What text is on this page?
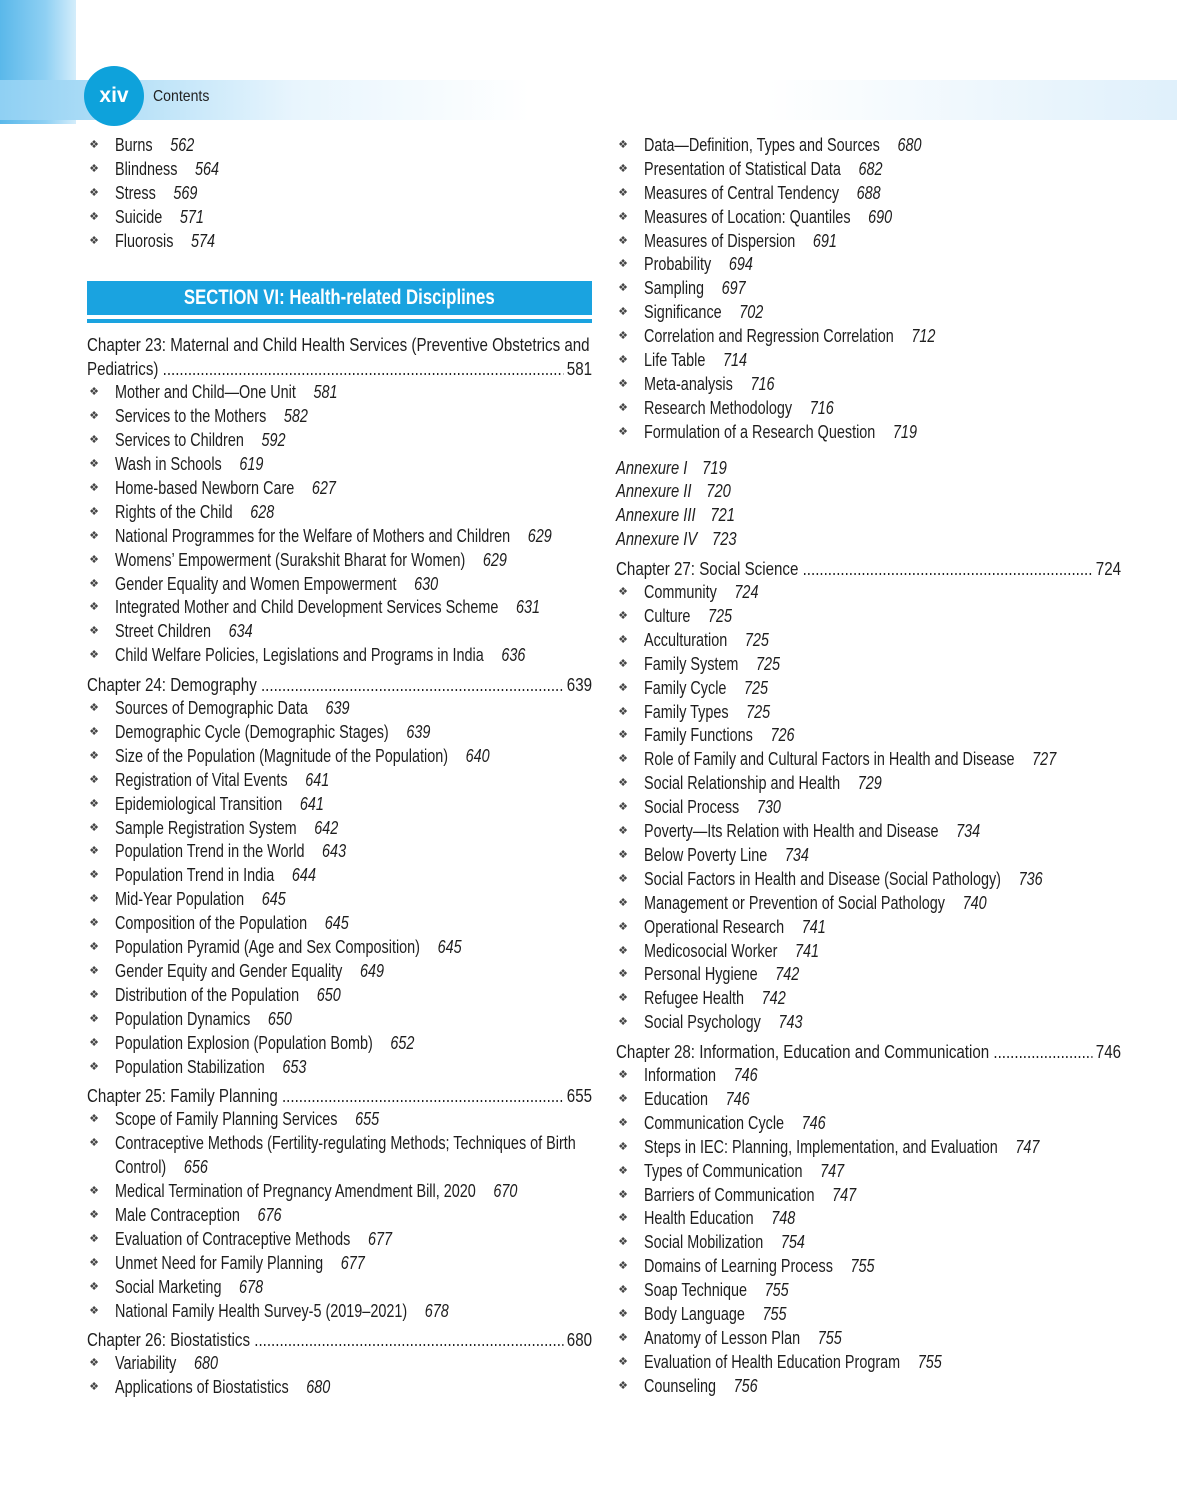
xiv	Contents
❖ Burns 562
❖ Blindness 564
❖ Stress 569
❖ Suicide 571
❖ Fluorosis 574
SECTION VI: Health-related Disciplines
Chapter 23: Maternal and Child Health Services (Preventive Obstetrics and
Pediatrics) .....	581
❖ Mother and Child—One Unit 581
❖ Services to the Mothers 582
❖ Services to Children 592
❖ Wash in Schools 619
❖ Home-based Newborn Care 627
❖ Rights of the Child 628
❖ National Programmes for the Welfare of Mothers and Children 629
❖ Womens’ Empowerment (Surakshit Bharat for Women) 629
❖ Gender Equality and Women Empowerment 630
❖ Integrated Mother and Child Development Services Scheme 631
❖ Street Children 634
❖ Child Welfare Policies, Legislations and Programs in India 636
Chapter 24: Demography .....	639
❖ Sources of Demographic Data 639
❖ Demographic Cycle (Demographic Stages) 639
❖ Size of the Population (Magnitude of the Population) 640
❖ Registration of Vital Events 641
❖ Epidemiological Transition 641
❖ Sample Registration System 642
❖ Population Trend in the World 643
❖ Population Trend in India 644
❖ Mid-Year Population 645
❖ Composition of the Population 645
❖ Population Pyramid (Age and Sex Composition) 645
❖ Gender Equity and Gender Equality 649
❖ Distribution of the Population 650
❖ Population Dynamics 650
❖ Population Explosion (Population Bomb) 652
❖ Population Stabilization 653
Chapter 25: Family Planning .....	655
❖ Scope of Family Planning Services 655
❖ Contraceptive Methods (Fertility-regulating Methods; Techniques of Birth
Control) 656
❖ Medical Termination of Pregnancy Amendment Bill, 2020 670
❖ Male Contraception 676
❖ Evaluation of Contraceptive Methods 677
❖ Unmet Need for Family Planning 677
❖ Social Marketing 678
❖ National Family Health Survey-5 (2019–2021) 678
Chapter 26: Biostatistics .....	680
❖ Variability 680
❖ Applications of Biostatistics 680
❖ Data—Definition, Types and Sources 680
❖ Presentation of Statistical Data 682
❖ Measures of Central Tendency 688
❖ Measures of Location: Quantiles 690
❖ Measures of Dispersion 691
❖ Probability 694
❖ Sampling 697
❖ Significance 702
❖ Correlation and Regression Correlation 712
❖ Life Table 714
❖ Meta-analysis 716
❖ Research Methodology 716
❖ Formulation of a Research Question 719
Annexure I 719
Annexure II 720
Annexure III 721
Annexure IV 723
Chapter 27: Social Science .....	724
❖ Community 724
❖ Culture 725
❖ Acculturation 725
❖ Family System 725
❖ Family Cycle 725
❖ Family Types 725
❖ Family Functions 726
❖ Role of Family and Cultural Factors in Health and Disease 727
❖ Social Relationship and Health 729
❖ Social Process 730
❖ Poverty—Its Relation with Health and Disease 734
❖ Below Poverty Line 734
❖ Social Factors in Health and Disease (Social Pathology) 736
❖ Management or Prevention of Social Pathology 740
❖ Operational Research 741
❖ Medicosocial Worker 741
❖ Personal Hygiene 742
❖ Refugee Health 742
❖ Social Psychology 743
Chapter 28: Information, Education and Communication .....	746
❖ Information 746
❖ Education 746
❖ Communication Cycle 746
❖ Steps in IEC: Planning, Implementation, and Evaluation 747
❖ Types of Communication 747
❖ Barriers of Communication 747
❖ Health Education 748
❖ Social Mobilization 754
❖ Domains of Learning Process 755
❖ Soap Technique 755
❖ Body Language 755
❖ Anatomy of Lesson Plan 755
❖ Evaluation of Health Education Program 755
❖ Counseling 756
